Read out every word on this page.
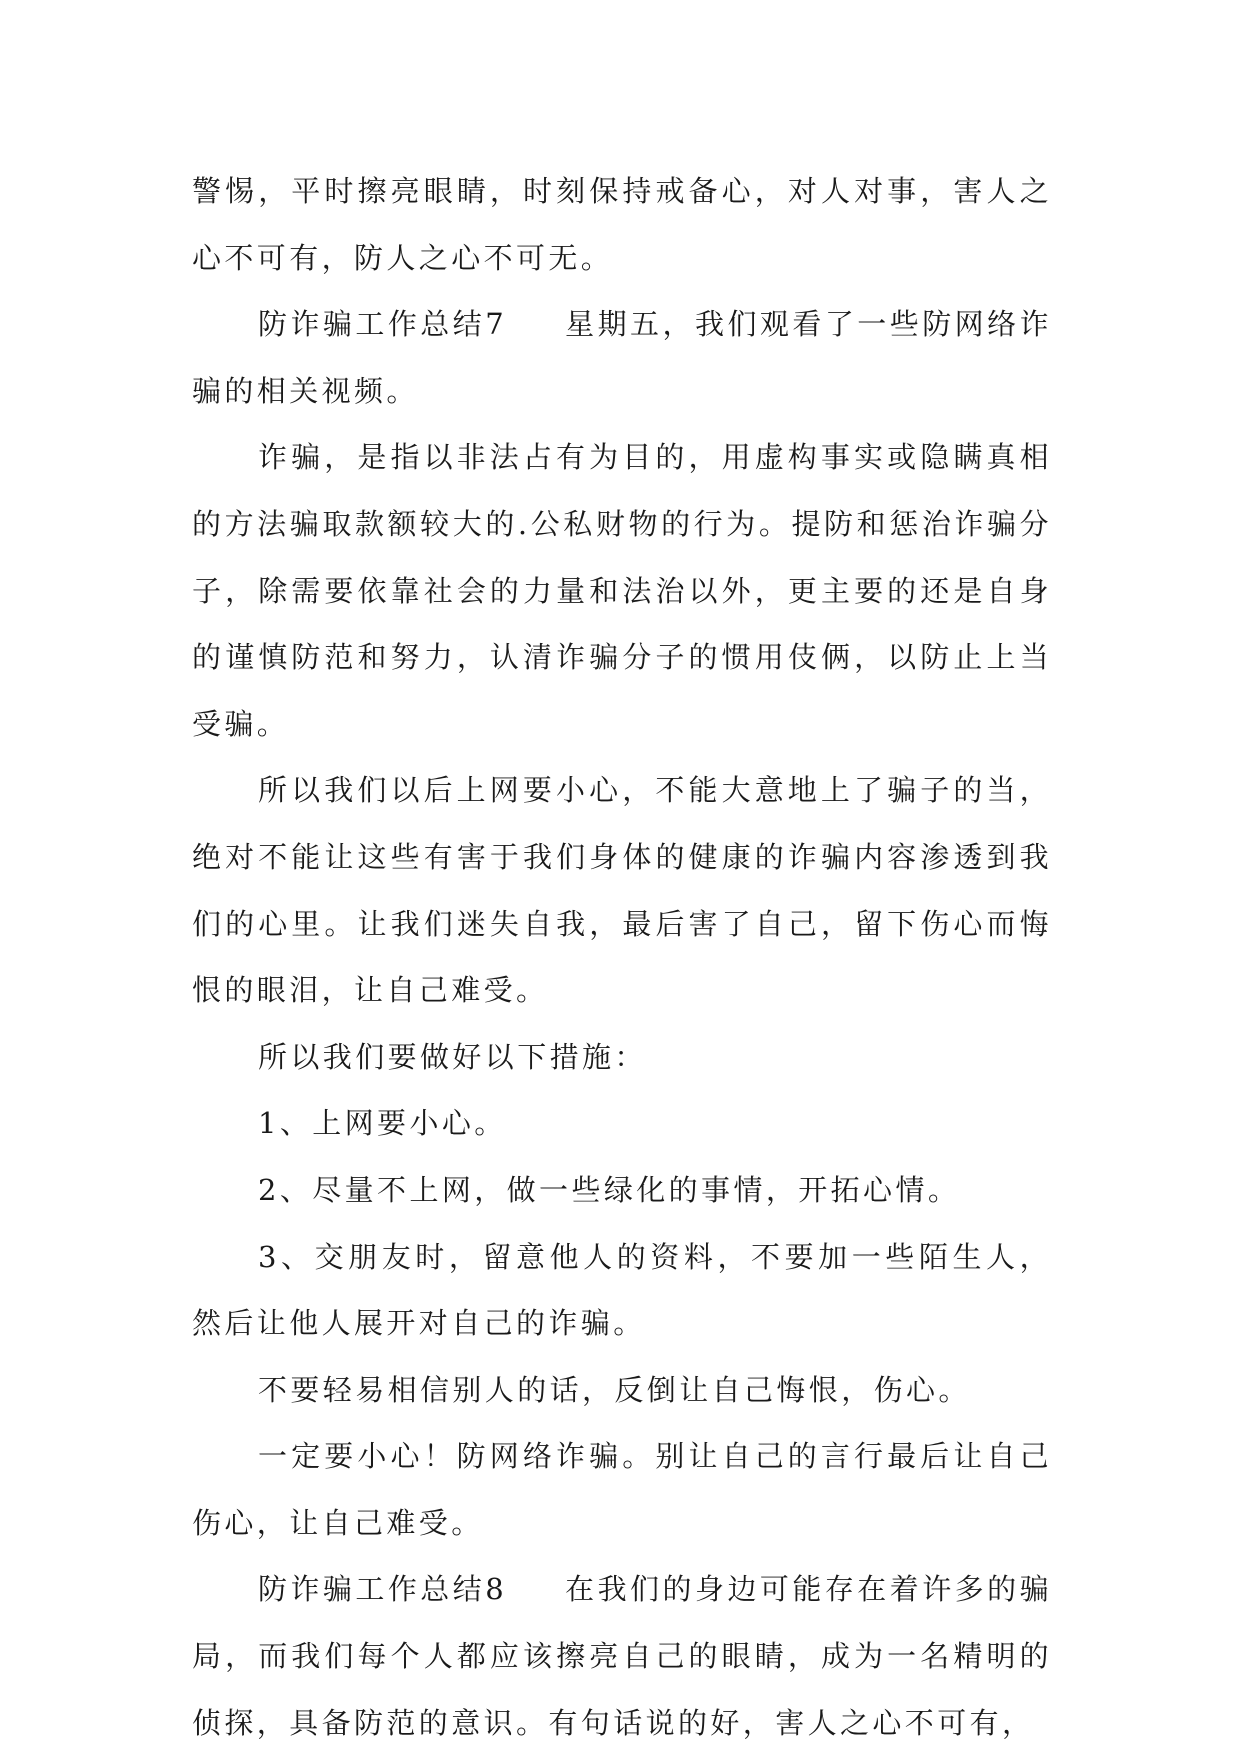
警惕，平时擦亮眼睛，时刻保持戒备心，对人对事，害人之心不可有，防人之心不可无。

防诈骗工作总结7 星期五，我们观看了一些防网络诈骗的相关视频。

诈骗，是指以非法占有为目的，用虚构事实或隐瞒真相的方法骗取款额较大的.公私财物的行为。提防和惩治诈骗分子，除需要依靠社会的力量和法治以外，更主要的还是自身的谨慎防范和努力，认清诈骗分子的惯用伎俩，以防止上当受骗。

所以我们以后上网要小心，不能大意地上了骗子的当，绝对不能让这些有害于我们身体的健康的诈骗内容渗透到我们的心里。让我们迷失自我，最后害了自己，留下伤心而悔恨的眼泪，让自己难受。

所以我们要做好以下措施：

1、上网要小心。

2、尽量不上网，做一些绿化的事情，开拓心情。

3、交朋友时，留意他人的资料，不要加一些陌生人，然后让他人展开对自己的诈骗。

不要轻易相信别人的话，反倒让自己悔恨，伤心。

一定要小心！防网络诈骗。别让自己的言行最后让自己伤心，让自己难受。

防诈骗工作总结8 在我们的身边可能存在着许多的骗局，而我们每个人都应该擦亮自己的眼睛，成为一名精明的侦探，具备防范的意识。有句话说的好，害人之心不可有，
